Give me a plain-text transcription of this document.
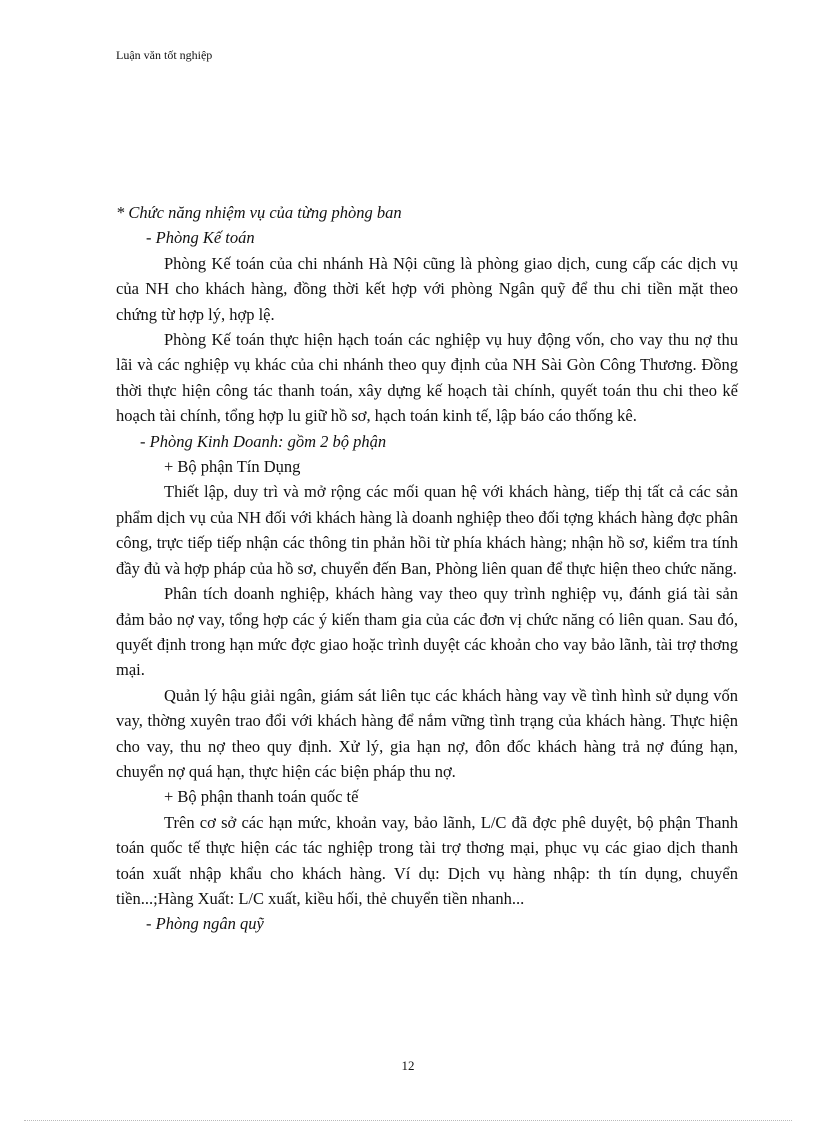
Luận văn tốt nghiệp

* Chức năng nhiệm vụ của từng phòng ban

- Phòng Kế toán

Phòng Kế toán của chi nhánh Hà Nội cũng là phòng giao dịch, cung cấp các dịch vụ của NH cho khách hàng, đồng thời kết hợp với phòng Ngân quỹ để thu chi tiền mặt theo chứng từ hợp lý, hợp lệ.

Phòng Kế toán thực hiện hạch toán các nghiệp vụ huy động vốn, cho vay thu nợ thu lãi và các nghiệp vụ khác của chi nhánh theo quy định của NH Sài Gòn Công Thương. Đồng thời thực hiện công tác thanh toán, xây dựng kế hoạch tài chính, quyết toán thu chi theo kế hoạch tài chính, tổng hợp lu giữ hồ sơ, hạch toán kinh tế, lập báo cáo thống kê.

- Phòng Kinh Doanh: gồm 2 bộ phận

+ Bộ phận Tín Dụng

Thiết lập, duy trì và mở rộng các mối quan hệ với khách hàng, tiếp thị tất cả các sản phẩm dịch vụ của NH đối với khách hàng là doanh nghiệp theo đối tợng khách hàng đợc phân công, trực tiếp tiếp nhận các thông tin phản hồi từ phía khách hàng; nhận hồ sơ, kiểm tra tính đầy đủ và hợp pháp của hồ sơ, chuyển đến Ban, Phòng liên quan để thực hiện theo chức năng.

Phân tích doanh nghiệp, khách hàng vay theo quy trình nghiệp vụ, đánh giá tài sản đảm bảo nợ vay, tổng hợp các ý kiến tham gia của các đơn vị chức năng có liên quan. Sau đó, quyết định trong hạn mức đợc giao hoặc trình duyệt các khoản cho vay bảo lãnh, tài trợ thơng mại.

Quản lý hậu giải ngân, giám sát liên tục các khách hàng vay về tình hình sử dụng vốn vay, thờng xuyên trao đổi với khách hàng để nắm vững tình trạng của khách hàng. Thực hiện cho vay, thu nợ theo quy định. Xử lý, gia hạn nợ, đôn đốc khách hàng trả nợ đúng hạn, chuyển nợ quá hạn, thực hiện các biện pháp thu nợ.

+ Bộ phận thanh toán quốc tế

Trên cơ sở các hạn mức, khoản vay, bảo lãnh, L/C đã đợc phê duyệt, bộ phận Thanh toán quốc tế thực hiện các tác nghiệp trong tài trợ thơng mại, phục vụ các giao dịch thanh toán xuất nhập khẩu cho khách hàng. Ví dụ: Dịch vụ hàng nhập: th tín dụng, chuyển tiền...;Hàng Xuất: L/C xuất, kiều hối, thẻ chuyển tiền nhanh...

- Phòng ngân quỹ

12
